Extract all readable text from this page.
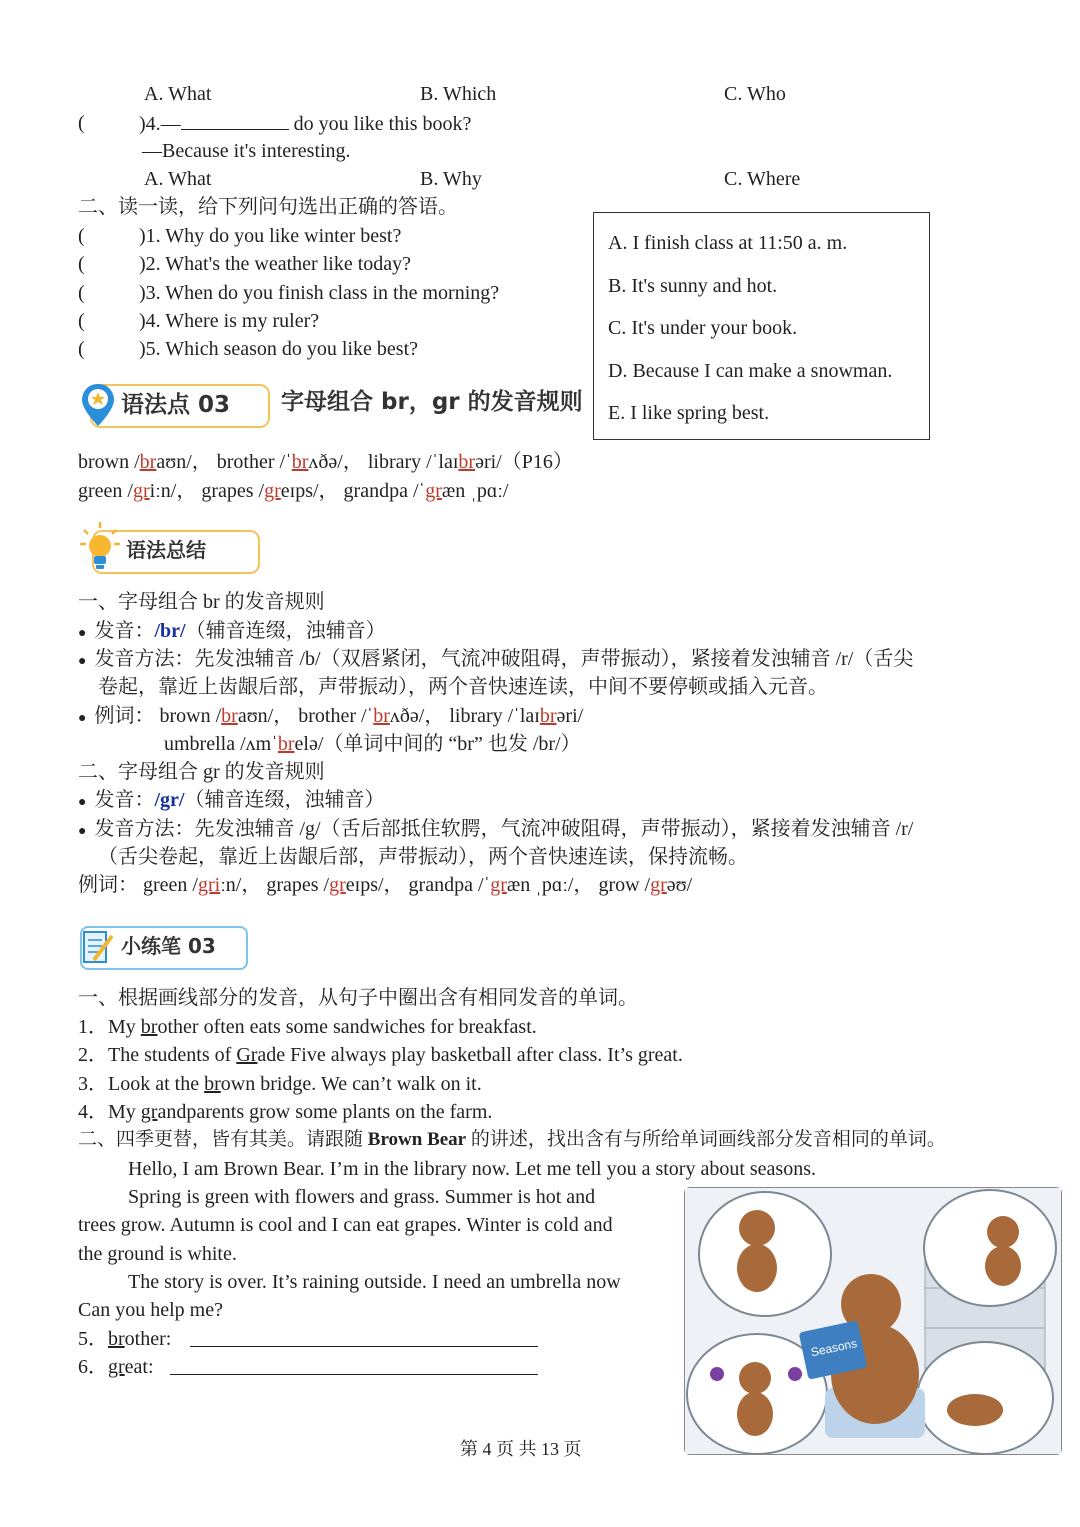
A. What	B. Which	C. Who
(	)4.—	do you like this book?
—Because it's interesting.
A. What	B. Why	C. Where
二、读一读，给下列问句选出正确的答语。
(	)1. Why do you like winter best?
(	)2. What's the weather like today?
(	)3. When do you finish class in the morning?
(	)4. Where is my ruler?
(	)5. Which season do you like best?
语法点 03 字母组合 br，gr 的发音规则
A. I finish class at 11:50 a. m.
B. It's sunny and hot.
C. It's under your book.
D. Because I can make a snowman.
E. I like spring best.
brown /braʊn/， brother /ˈbrʌðə/， library /ˈlaɪbrəri/（P16）
green /griːn/， grapes /greɪps/， grandpa /ˈgræn ˌpɑː/
语法总结
一、字母组合 br 的发音规则
● 发音：/br/（辅音连缀，浊辅音）
● 发音方法：先发浊辅音 /b/（双唇紧闭，气流冲破阻碍，声带振动），紧接着发浊辅音 /r/（舌尖
卷起，靠近上齿龈后部，声带振动），两个音快速连读，中间不要停顿或插入元音。
● 例词： brown /braʊn/， brother /ˈbrʌðə/， library /ˈlaɪbrəri/
umbrella /ʌmˈbrelə/（单词中间的 “br” 也发 /br/）
二、字母组合 gr 的发音规则
● 发音：/gr/（辅音连缀，浊辅音）
● 发音方法：先发浊辅音 /g/（舌后部抵住软腭，气流冲破阻碍，声带振动），紧接着发浊辅音 /r/
（舌尖卷起，靠近上齿龈后部，声带振动），两个音快速连读，保持流畅。
例词： green /griːn/， grapes /greɪps/， grandpa /ˈgræn ˌpɑː/， grow /grəʊ/
小练笔 03
一、根据画线部分的发音，从句子中圈出含有相同发音的单词。
1．My brother often eats some sandwiches for breakfast.
2．The students of Grade Five always play basketball after class. It’s great.
3．Look at the brown bridge. We can’t walk on it.
4．My grandparents grow some plants on the farm.
二、四季更替，皆有其美。请跟随 Brown Bear 的讲述，找出含有与所给单词画线部分发音相同的单词。
Hello, I am Brown Bear. I’m in the library now. Let me tell you a story about seasons.
Spring is green with flowers and grass. Summer is hot and
trees grow. Autumn is cool and I can eat grapes. Winter is cold and
the ground is white.
The story is over. It’s raining outside. I need an umbrella now
Can you help me?
5．brother:
6．great:
Seasons
第 4 页 共 13 页
